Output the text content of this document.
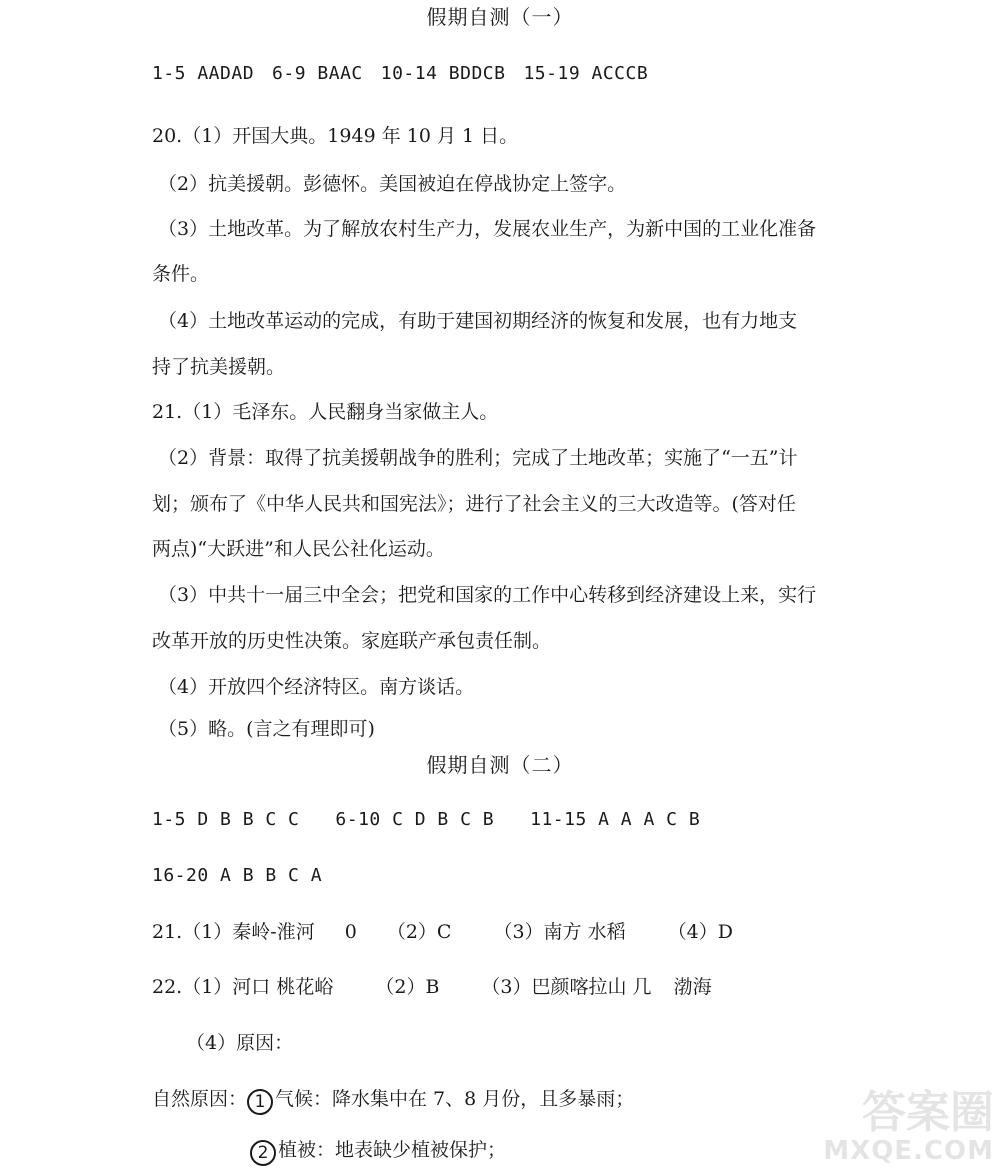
假期自测（一）
1-5 AADAD 6-9 BAAC 10-14 BDDCB 15-19 ACCCB
20.（1）开国大典。1949 年 10 月 1 日。
（2）抗美援朝。彭德怀。美国被迫在停战协定上签字。
（3）土地改革。为了解放农村生产力，发展农业生产，为新中国的工业化准备
条件。
（4）土地改革运动的完成，有助于建国初期经济的恢复和发展，也有力地支
持了抗美援朝。
21.（1）毛泽东。人民翻身当家做主人。
（2）背景：取得了抗美援朝战争的胜利；完成了土地改革；实施了“一五”计
划；颁布了《中华人民共和国宪法》；进行了社会主义的三大改造等。(答对任
两点)“大跃进”和人民公社化运动。
（3）中共十一届三中全会；把党和国家的工作中心转移到经济建设上来，实行
改革开放的历史性决策。家庭联产承包责任制。
（4）开放四个经济特区。南方谈话。
（5）略。(言之有理即可)
假期自测（二）
1-5 D B B C C 6-10 C D B C B 11-15 A A A C B
16-20 A B B C A
21.（1）秦岭-淮河 0 （2）C （3）南方 水稻 （4）D
22.（1）河口 桃花峪 （2）B （3）巴颜喀拉山 几 渤海
（4）原因：
自然原因： 1 气候：降水集中在 7、8 月份，且多暴雨；
2 植被：地表缺少植被保护；
答案圈
MXQE.COM
